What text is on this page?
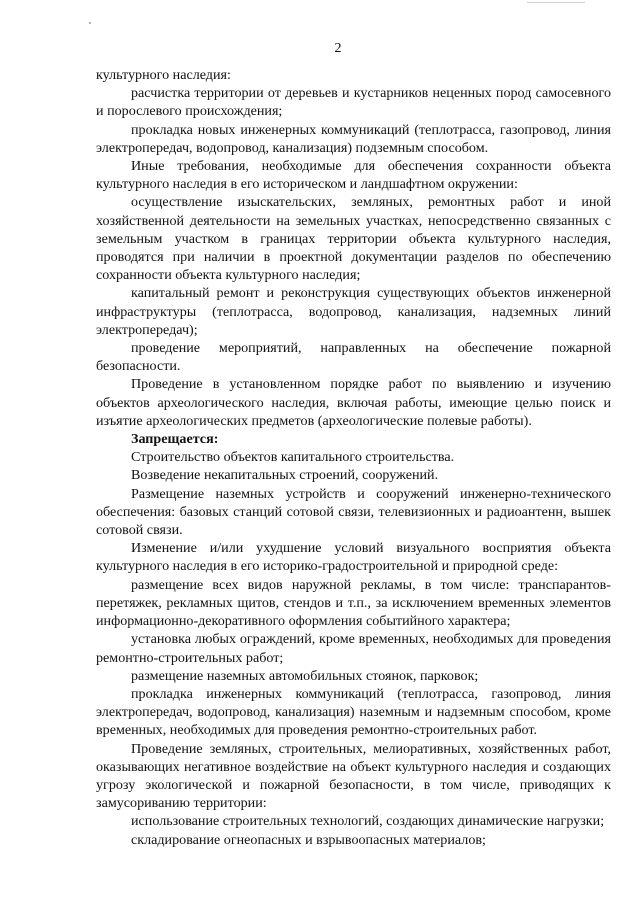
2

культурного наследия:

расчистка территории от деревьев и кустарников неценных пород самосевного и порослевого происхождения;

прокладка новых инженерных коммуникаций (теплотрасса, газопровод, линия электропередач, водопровод, канализация) подземным способом.

Иные требования, необходимые для обеспечения сохранности объекта культурного наследия в его историческом и ландшафтном окружении:

осуществление изыскательских, земляных, ремонтных работ и иной хозяйственной деятельности на земельных участках, непосредственно связанных с земельным участком в границах территории объекта культурного наследия, проводятся при наличии в проектной документации разделов по обеспечению сохранности объекта культурного наследия;

капитальный ремонт и реконструкция существующих объектов инженерной инфраструктуры (теплотрасса, водопровод, канализация, надземных линий электропередач);

проведение мероприятий, направленных на обеспечение пожарной безопасности.

Проведение в установленном порядке работ по выявлению и изучению объектов археологического наследия, включая работы, имеющие целью поиск и изъятие археологических предметов (археологические полевые работы).

Запрещается:

Строительство объектов капитального строительства.

Возведение некапитальных строений, сооружений.

Размещение наземных устройств и сооружений инженерно-технического обеспечения: базовых станций сотовой связи, телевизионных и радиоантенн, вышек сотовой связи.

Изменение и/или ухудшение условий визуального восприятия объекта культурного наследия в его историко-градостроительной и природной среде:

размещение всех видов наружной рекламы, в том числе: транспарантов-перетяжек, рекламных щитов, стендов и т.п., за исключением временных элементов информационно-декоративного оформления событийного характера;

установка любых ограждений, кроме временных, необходимых для проведения ремонтно-строительных работ;

размещение наземных автомобильных стоянок, парковок;

прокладка инженерных коммуникаций (теплотрасса, газопровод, линия электропередач, водопровод, канализация) наземным и надземным способом, кроме временных, необходимых для проведения ремонтно-строительных работ.

Проведение земляных, строительных, мелиоративных, хозяйственных работ, оказывающих негативное воздействие на объект культурного наследия и создающих угрозу экологической и пожарной безопасности, в том числе, приводящих к замусориванию территории:

использование строительных технологий, создающих динамические нагрузки;

складирование огнеопасных и взрывоопасных материалов;
